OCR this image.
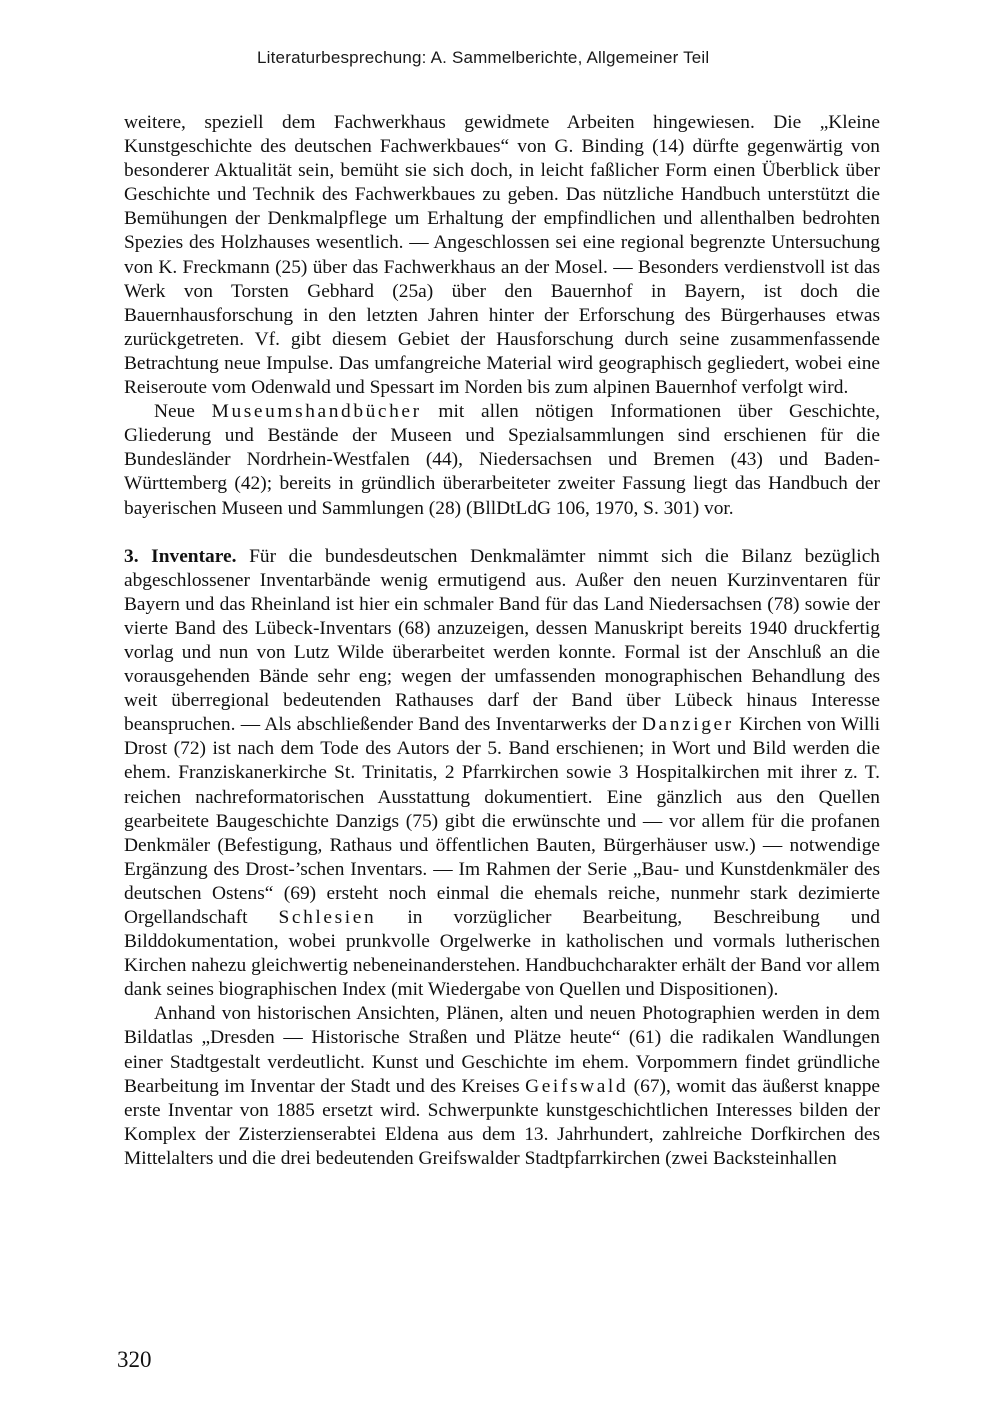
Literaturbesprechung: A. Sammelberichte, Allgemeiner Teil

weitere, speziell dem Fachwerkhaus gewidmete Arbeiten hingewiesen. Die „Kleine Kunstgeschichte des deutschen Fachwerkbaues“ von G. Binding (14) dürfte gegenwärtig von besonderer Aktualität sein, bemüht sie sich doch, in leicht faßlicher Form einen Überblick über Geschichte und Technik des Fachwerkbaues zu geben. Das nützliche Handbuch unterstützt die Bemühungen der Denkmalpflege um Erhaltung der empfindlichen und allenthalben bedrohten Spezies des Holzhauses wesentlich. — Angeschlossen sei eine regional begrenzte Untersuchung von K. Freckmann (25) über das Fachwerkhaus an der Mosel. — Besonders verdienstvoll ist das Werk von Torsten Gebhard (25a) über den Bauernhof in Bayern, ist doch die Bauernhausforschung in den letzten Jahren hinter der Erforschung des Bürgerhauses etwas zurückgetreten. Vf. gibt diesem Gebiet der Hausforschung durch seine zusammenfassende Betrachtung neue Impulse. Das umfangreiche Material wird geographisch gegliedert, wobei eine Reiseroute vom Odenwald und Spessart im Norden bis zum alpinen Bauernhof verfolgt wird.

Neue Museumshandbücher mit allen nötigen Informationen über Geschichte, Gliederung und Bestände der Museen und Spezialsammlungen sind erschienen für die Bundesländer Nordrhein-Westfalen (44), Niedersachsen und Bremen (43) und Baden-Württemberg (42); bereits in gründlich überarbeiteter zweiter Fassung liegt das Handbuch der bayerischen Museen und Sammlungen (28) (BllDtLdG 106, 1970, S. 301) vor.

3. Inventare. Für die bundesdeutschen Denkmalämter nimmt sich die Bilanz bezüglich abgeschlossener Inventarbände wenig ermutigend aus. Außer den neuen Kurzinventaren für Bayern und das Rheinland ist hier ein schmaler Band für das Land Niedersachsen (78) sowie der vierte Band des Lübeck-Inventars (68) anzuzeigen, dessen Manuskript bereits 1940 druckfertig vorlag und nun von Lutz Wilde überarbeitet werden konnte. Formal ist der Anschluß an die vorausgehenden Bände sehr eng; wegen der umfassenden monographischen Behandlung des weit überregional bedeutenden Rathauses darf der Band über Lübeck hinaus Interesse beanspruchen. — Als abschließender Band des Inventarwerks der Danziger Kirchen von Willi Drost (72) ist nach dem Tode des Autors der 5. Band erschienen; in Wort und Bild werden die ehem. Franziskanerkirche St. Trinitatis, 2 Pfarrkirchen sowie 3 Hospitalkirchen mit ihrer z. T. reichen nachreformatorischen Ausstattung dokumentiert. Eine gänzlich aus den Quellen gearbeitete Baugeschichte Danzigs (75) gibt die erwünschte und — vor allem für die profanen Denkmäler (Befestigung, Rathaus und öffentlichen Bauten, Bürgerhäuser usw.) — notwendige Ergänzung des Drost-’schen Inventars. — Im Rahmen der Serie „Bau- und Kunstdenkmäler des deutschen Ostens“ (69) ersteht noch einmal die ehemals reiche, nunmehr stark dezimierte Orgellandschaft Schlesien in vorzüglicher Bearbeitung, Beschreibung und Bilddokumentation, wobei prunkvolle Orgelwerke in katholischen und vormals lutherischen Kirchen nahezu gleichwertig nebeneinanderstehen. Handbuchcharakter erhält der Band vor allem dank seines biographischen Index (mit Wiedergabe von Quellen und Dispositionen).

Anhand von historischen Ansichten, Plänen, alten und neuen Photographien werden in dem Bildatlas „Dresden — Historische Straßen und Plätze heute“ (61) die radikalen Wandlungen einer Stadtgestalt verdeutlicht. Kunst und Geschichte im ehem. Vorpommern findet gründliche Bearbeitung im Inventar der Stadt und des Kreises Geifswald (67), womit das äußerst knappe erste Inventar von 1885 ersetzt wird. Schwerpunkte kunstgeschichtlichen Interesses bilden der Komplex der Zisterzienserabtei Eldena aus dem 13. Jahrhundert, zahlreiche Dorfkirchen des Mittelalters und die drei bedeutenden Greifswalder Stadtpfarrkirchen (zwei Backsteinhallen

320
